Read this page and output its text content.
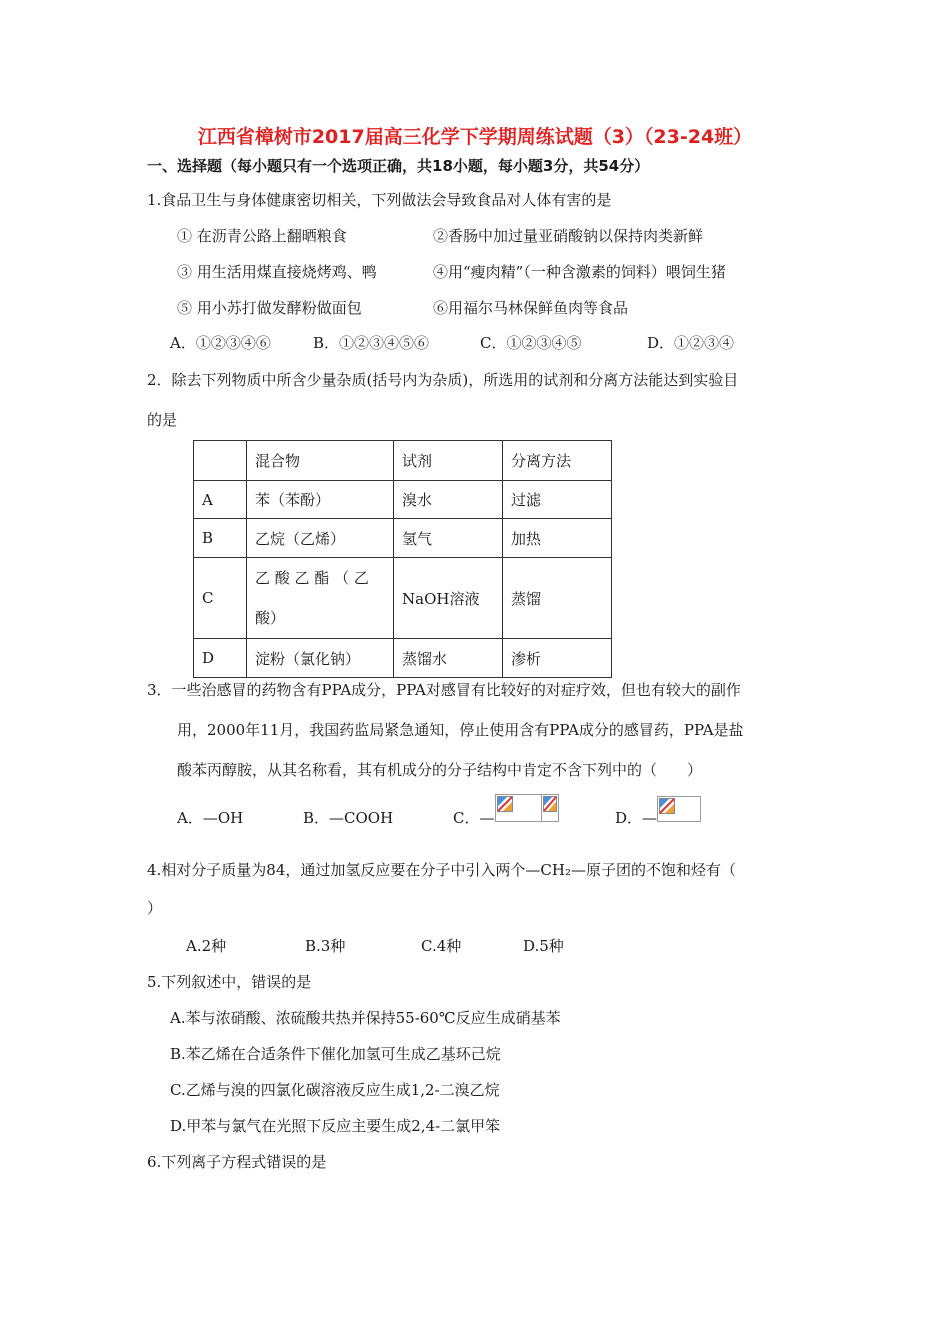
江西省樟树市2017届高三化学下学期周练试题（3）（23-24班）
一、选择题（每小题只有一个选项正确，共18小题，每小题3分，共54分）
1.食品卫生与身体健康密切相关，下列做法会导致食品对人体有害的是
① 在沥青公路上翻晒粮食	②香肠中加过量亚硝酸钠以保持肉类新鲜
③ 用生活用煤直接烧烤鸡、鸭	④用“瘦肉精”（一种含激素的饲料）喂饲生猪
⑤ 用小苏打做发酵粉做面包	⑥用福尔马林保鲜鱼肉等食品
A．①②③④⑥	B．①②③④⑤⑥	C．①②③④⑤	D．①②③④
2．除去下列物质中所含少量杂质(括号内为杂质)，所选用的试剂和分离方法能达到实验目
的是
	混合物	试剂	分离方法
A	苯（苯酚）	溴水	过滤
B	乙烷（乙烯）	氢气	加热
C	乙 酸 乙 酯 （ 乙 酸）	NaOH溶液	蒸馏
D	淀粉（氯化钠）	蒸馏水	渗析
3．一些治感冒的药物含有PPA成分，PPA对感冒有比较好的对症疗效，但也有较大的副作
用，2000年11月，我国药监局紧急通知，停止使用含有PPA成分的感冒药，PPA是盐
酸苯丙醇胺，从其名称看，其有机成分的分子结构中肯定不含下列中的（　　）
A．—OH	B．—COOH	C．—	D．—
4.相对分子质量为84，通过加氢反应要在分子中引入两个—CH₂—原子团的不饱和烃有（
）
A.2种	B.3种	C.4种	D.5种
5.下列叙述中，错误的是
A.苯与浓硝酸、浓硫酸共热并保持55-60℃反应生成硝基苯
B.苯乙烯在合适条件下催化加氢可生成乙基环己烷
C.乙烯与溴的四氯化碳溶液反应生成1,2-二溴乙烷
D.甲苯与氯气在光照下反应主要生成2,4-二氯甲笨
6.下列离子方程式错误的是
